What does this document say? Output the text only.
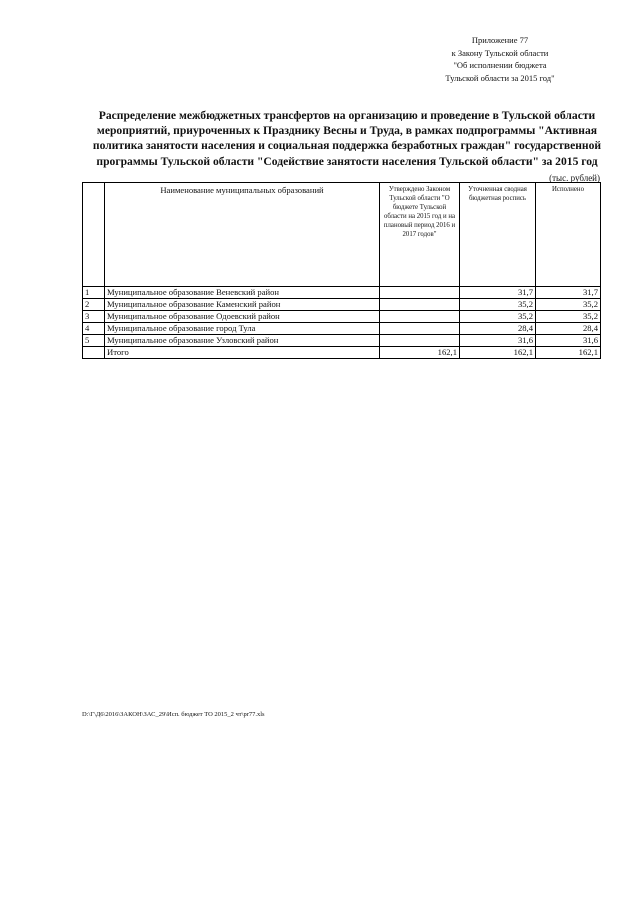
Приложение 77
к Закону Тульской области
"Об исполнении бюджета
Тульской области за 2015 год"
Распределение межбюджетных трансфертов на организацию и проведение в Тульской области мероприятий, приуроченных к Празднику Весны и Труда, в рамках подпрограммы "Активная политика занятости населения и социальная поддержка безработных граждан" государственной программы Тульской области "Содействие занятости населения Тульской области" за 2015 год
(тыс. рублей)
	Наименование муниципальных образований	Утверждено Законом Тульской области "О бюджете Тульской области на 2015 год и на плановый период 2016 и 2017 годов"	Уточненная сводная бюджетная роспись	Исполнено
1	Муниципальное образование Веневский район		31,7	31,7
2	Муниципальное образование Каменский район		35,2	35,2
3	Муниципальное образование Одоевский район		35,2	35,2
4	Муниципальное образование город Тула		28,4	28,4
5	Муниципальное образование Узловский район		31,6	31,6
	Итого	162,1	162,1	162,1
D:\Г\Д6\2016\ЗАКОН\ЗАС_29\Исп. бюджет ТО 2015_2 чт\pr77.xls
